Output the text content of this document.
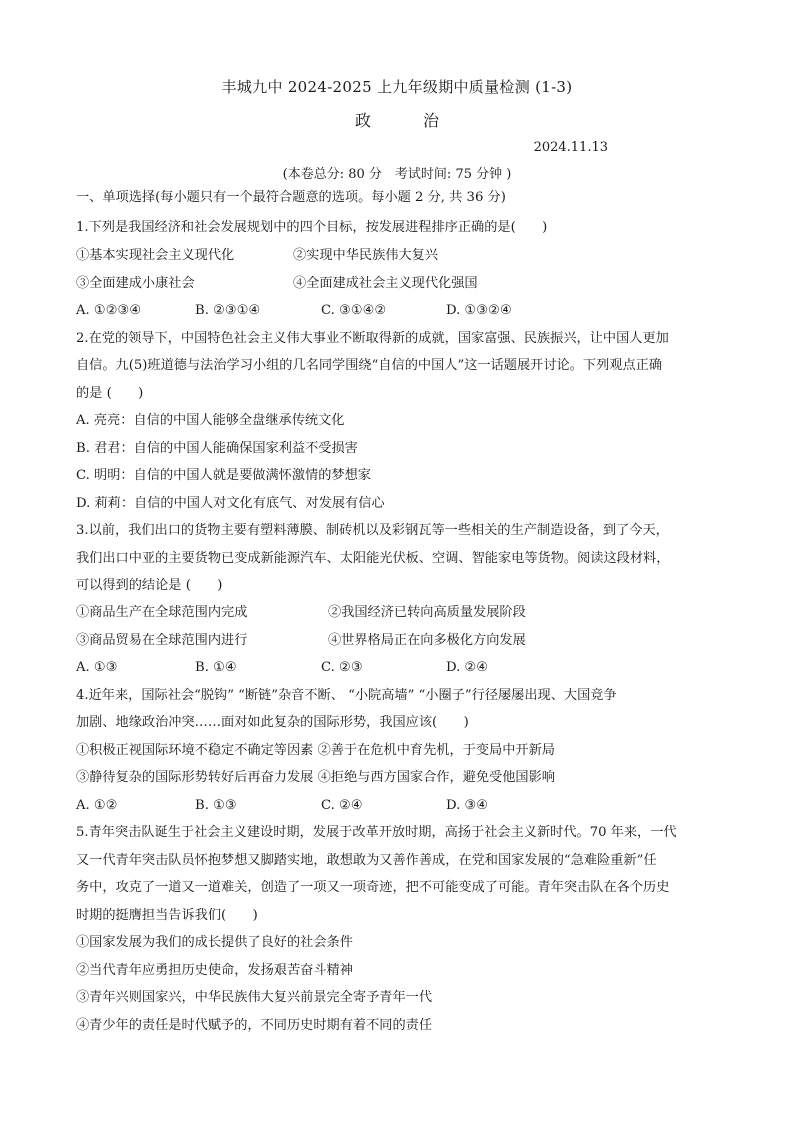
丰城九中 2024-2025 上九年级期中质量检测 (1-3)
政　治
2024.11.13
(本卷总分: 80 分　考试时间: 75 分钟 )
一、单项选择(每小题只有一个最符合题意的选项。每小题 2 分, 共 36 分)
1.下列是我国经济和社会发展规划中的四个目标，按发展进程排序正确的是(　　)
①基本实现社会主义现代化	②实现中华民族伟大复兴
③全面建成小康社会	④全面建成社会主义现代化强国
A. ①②③④	B. ②③①④	C. ③①④②	D. ①③②④
2.在党的领导下，中国特色社会主义伟大事业不断取得新的成就，国家富强、民族振兴，让中国人更加
自信。九(5)班道德与法治学习小组的几名同学围绕“自信的中国人”这一话题展开讨论。下列观点正确
的是 (　　)
A. 亮亮：自信的中国人能够全盘继承传统文化
B. 君君：自信的中国人能确保国家利益不受损害
C. 明明：自信的中国人就是要做满怀激情的梦想家
D. 莉莉：自信的中国人对文化有底气、对发展有信心
3.以前，我们出口的货物主要有塑料薄膜、制砖机以及彩钢瓦等一些相关的生产制造设备，到了今天，
我们出口中亚的主要货物已变成新能源汽车、太阳能光伏板、空调、智能家电等货物。阅读这段材料，
可以得到的结论是 (　　)
①商品生产在全球范围内完成	②我国经济已转向高质量发展阶段
③商品贸易在全球范围内进行	④世界格局正在向多极化方向发展
A. ①③	B. ①④	C. ②③	D. ②④
4.近年来，国际社会“脱钩” “断链”杂音不断、 “小院高墙” “小圈子”行径屡屡出现、大国竞争
加剧、地缘政治冲突……面对如此复杂的国际形势，我国应该(　　)
①积极正视国际环境不稳定不确定等因素 ②善于在危机中育先机，于变局中开新局
③静待复杂的国际形势转好后再奋力发展 ④拒绝与西方国家合作，避免受他国影响
A. ①②	B. ①③	C. ②④	D. ③④
5.青年突击队诞生于社会主义建设时期，发展于改革开放时期，高扬于社会主义新时代。70 年来，一代
又一代青年突击队员怀抱梦想又脚踏实地，敢想敢为又善作善成，在党和国家发展的“急难险重新”任
务中，攻克了一道又一道难关，创造了一项又一项奇迹，把不可能变成了可能。青年突击队在各个历史
时期的挺膺担当告诉我们(　　)
①国家发展为我们的成长提供了良好的社会条件
②当代青年应勇担历史使命，发扬艰苦奋斗精神
③青年兴则国家兴，中华民族伟大复兴前景完全寄予青年一代
④青少年的责任是时代赋予的，不同历史时期有着不同的责任
